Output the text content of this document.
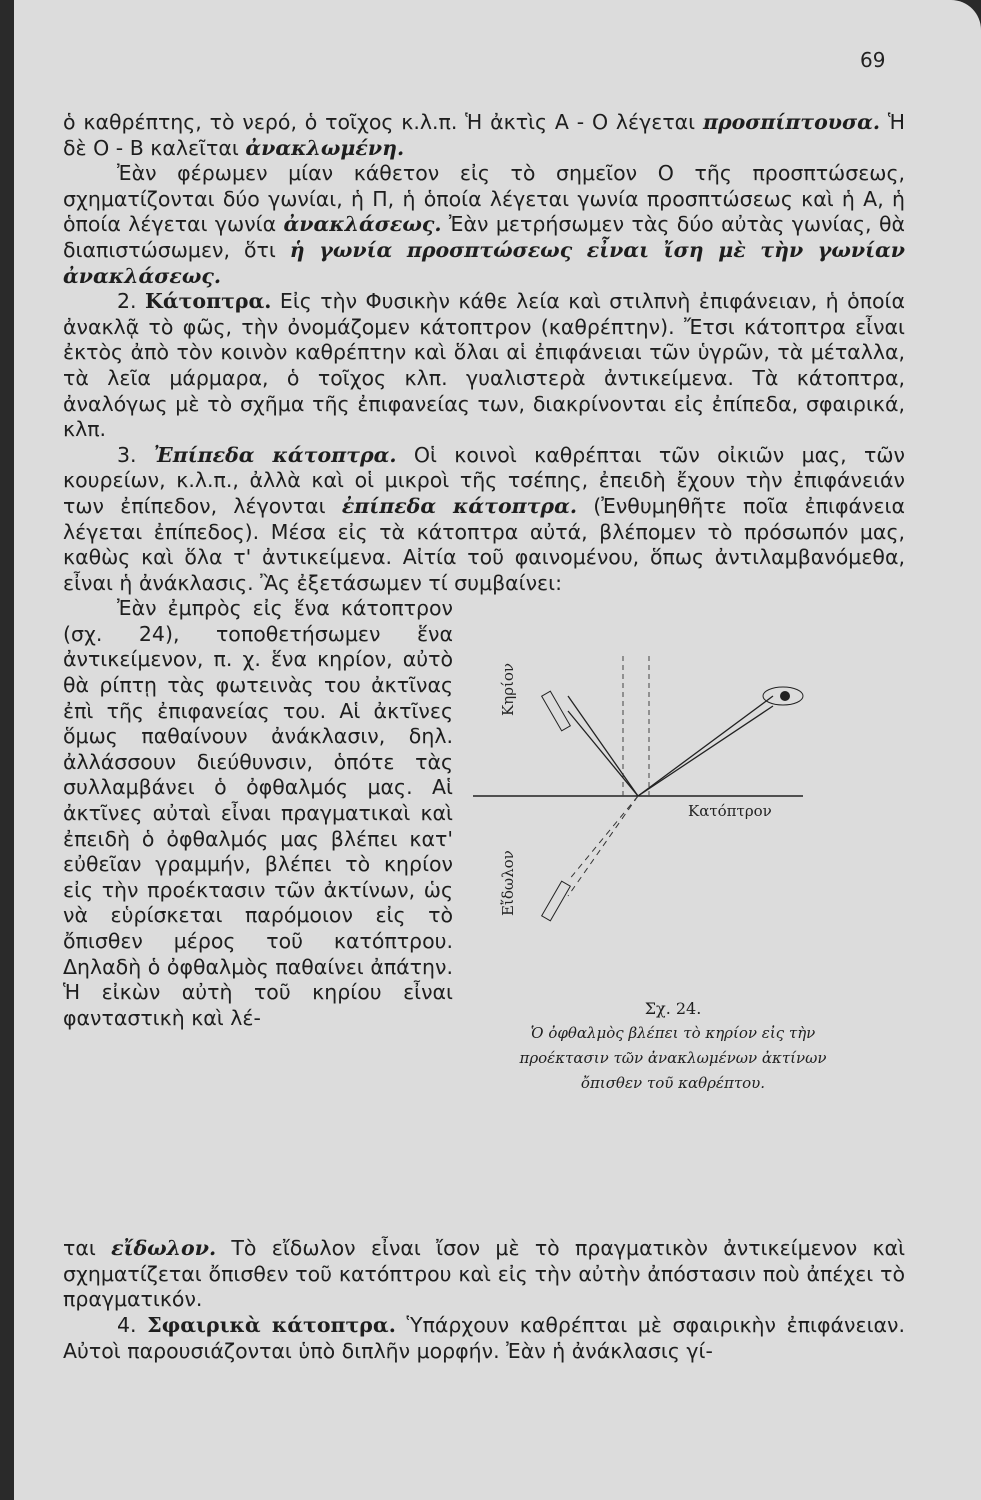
69

ὁ καθρέπτης, τὸ νερό, ὁ τοῖχος κ.λ.π. Ἡ ἀκτὶς Α - Ο λέγεται προσπίπτουσα. Ἡ δὲ Ο - Β καλεῖται ἀνακλωμένη.

Ἐὰν φέρωμεν μίαν κάθετον εἰς τὸ σημεῖον Ο τῆς προσπτώσεως, σχηματίζονται δύο γωνίαι, ἡ Π, ἡ ὁποία λέγεται γωνία προσπτώσεως καὶ ἡ Α, ἡ ὁποία λέγεται γωνία ἀνακλάσεως. Ἐὰν μετρήσωμεν τὰς δύο αὐτὰς γωνίας, θὰ διαπιστώσωμεν, ὅτι ἡ γωνία προσπτώσεως εἶναι ἴση μὲ τὴν γωνίαν ἀνακλάσεως.

2. Κάτοπτρα. Εἰς τὴν Φυσικὴν κάθε λεία καὶ στιλπνὴ ἐπιφάνειαν, ἡ ὁποία ἀνακλᾷ τὸ φῶς, τὴν ὀνομάζομεν κάτοπτρον (καθρέπτην). Ἔτσι κάτοπτρα εἶναι ἐκτὸς ἀπὸ τὸν κοινὸν καθρέπτην καὶ ὅλαι αἱ ἐπιφάνειαι τῶν ὑγρῶν, τὰ μέταλλα, τὰ λεῖα μάρμαρα, ὁ τοῖχος κλπ. γυαλιστερὰ ἀντικείμενα. Τὰ κάτοπτρα, ἀναλόγως μὲ τὸ σχῆμα τῆς ἐπιφανείας των, διακρίνονται εἰς ἐπίπεδα, σφαιρικά, κλπ.

3. Ἐπίπεδα κάτοπτρα. Οἱ κοινοὶ καθρέπται τῶν οἰκιῶν μας, τῶν κουρείων, κ.λ.π., ἀλλὰ καὶ οἱ μικροὶ τῆς τσέπης, ἐπειδὴ ἔχουν τὴν ἐπιφάνειάν των ἐπίπεδον, λέγονται ἐπίπεδα κάτοπτρα. (Ἐνθυμηθῆτε ποῖα ἐπιφάνεια λέγεται ἐπίπεδος). Μέσα εἰς τὰ κάτοπτρα αὐτά, βλέπομεν τὸ πρόσωπόν μας, καθὼς καὶ ὅλα τ' ἀντικείμενα. Αἰτία τοῦ φαινομένου, ὅπως ἀντιλαμβανόμεθα, εἶναι ἡ ἀνάκλασις. Ἂς ἐξετάσωμεν τί συμβαίνει:

Κηρίον
Κατόπτρον
Εἴδωλον
Σχ. 24.
Ὁ ὀφθαλμὸς βλέπει τὸ κηρίον εἰς τὴν
προέκτασιν τῶν ἀνακλωμένων ἀκτίνων
ὄπισθεν τοῦ καθρέπτου.

Ἐὰν ἐμπρὸς εἰς ἕνα κάτοπτρον (σχ. 24), τοποθετήσωμεν ἕνα ἀντικείμενον, π. χ. ἕνα κηρίον, αὐτὸ θὰ ρίπτῃ τὰς φωτεινὰς του ἀκτῖνας ἐπὶ τῆς ἐπιφανείας του. Αἱ ἀκτῖνες ὅμως παθαίνουν ἀνάκλασιν, δηλ. ἀλλάσσουν διεύθυνσιν, ὁπότε τὰς συλλαμβάνει ὁ ὀφθαλμός μας. Αἱ ἀκτῖνες αὐταὶ εἶναι πραγματικαὶ καὶ ἐπειδὴ ὁ ὀφθαλμός μας βλέπει κατ' εὐθεῖαν γραμμήν, βλέπει τὸ κηρίον εἰς τὴν προέκτασιν τῶν ἀκτίνων, ὡς νὰ εὑρίσκεται παρόμοιον εἰς τὸ ὄπισθεν μέρος τοῦ κατόπτρου. Δηλαδὴ ὁ ὀφθαλμὸς παθαίνει ἀπάτην. Ἡ εἰκὼν αὐτὴ τοῦ κηρίου εἶναι φανταστικὴ καὶ λέ-

ται εἴδωλον. Τὸ εἴδωλον εἶναι ἴσον μὲ τὸ πραγματικὸν ἀντικείμενον καὶ σχηματίζεται ὄπισθεν τοῦ κατόπτρου καὶ εἰς τὴν αὐτὴν ἀπόστασιν ποὺ ἀπέχει τὸ πραγματικόν.

4. Σφαιρικὰ κάτοπτρα. Ὑπάρχουν καθρέπται μὲ σφαιρικὴν ἐπιφάνειαν. Αὐτοὶ παρουσιάζονται ὑπὸ διπλῆν μορφήν. Ἐὰν ἡ ἀνάκλασις γί-
